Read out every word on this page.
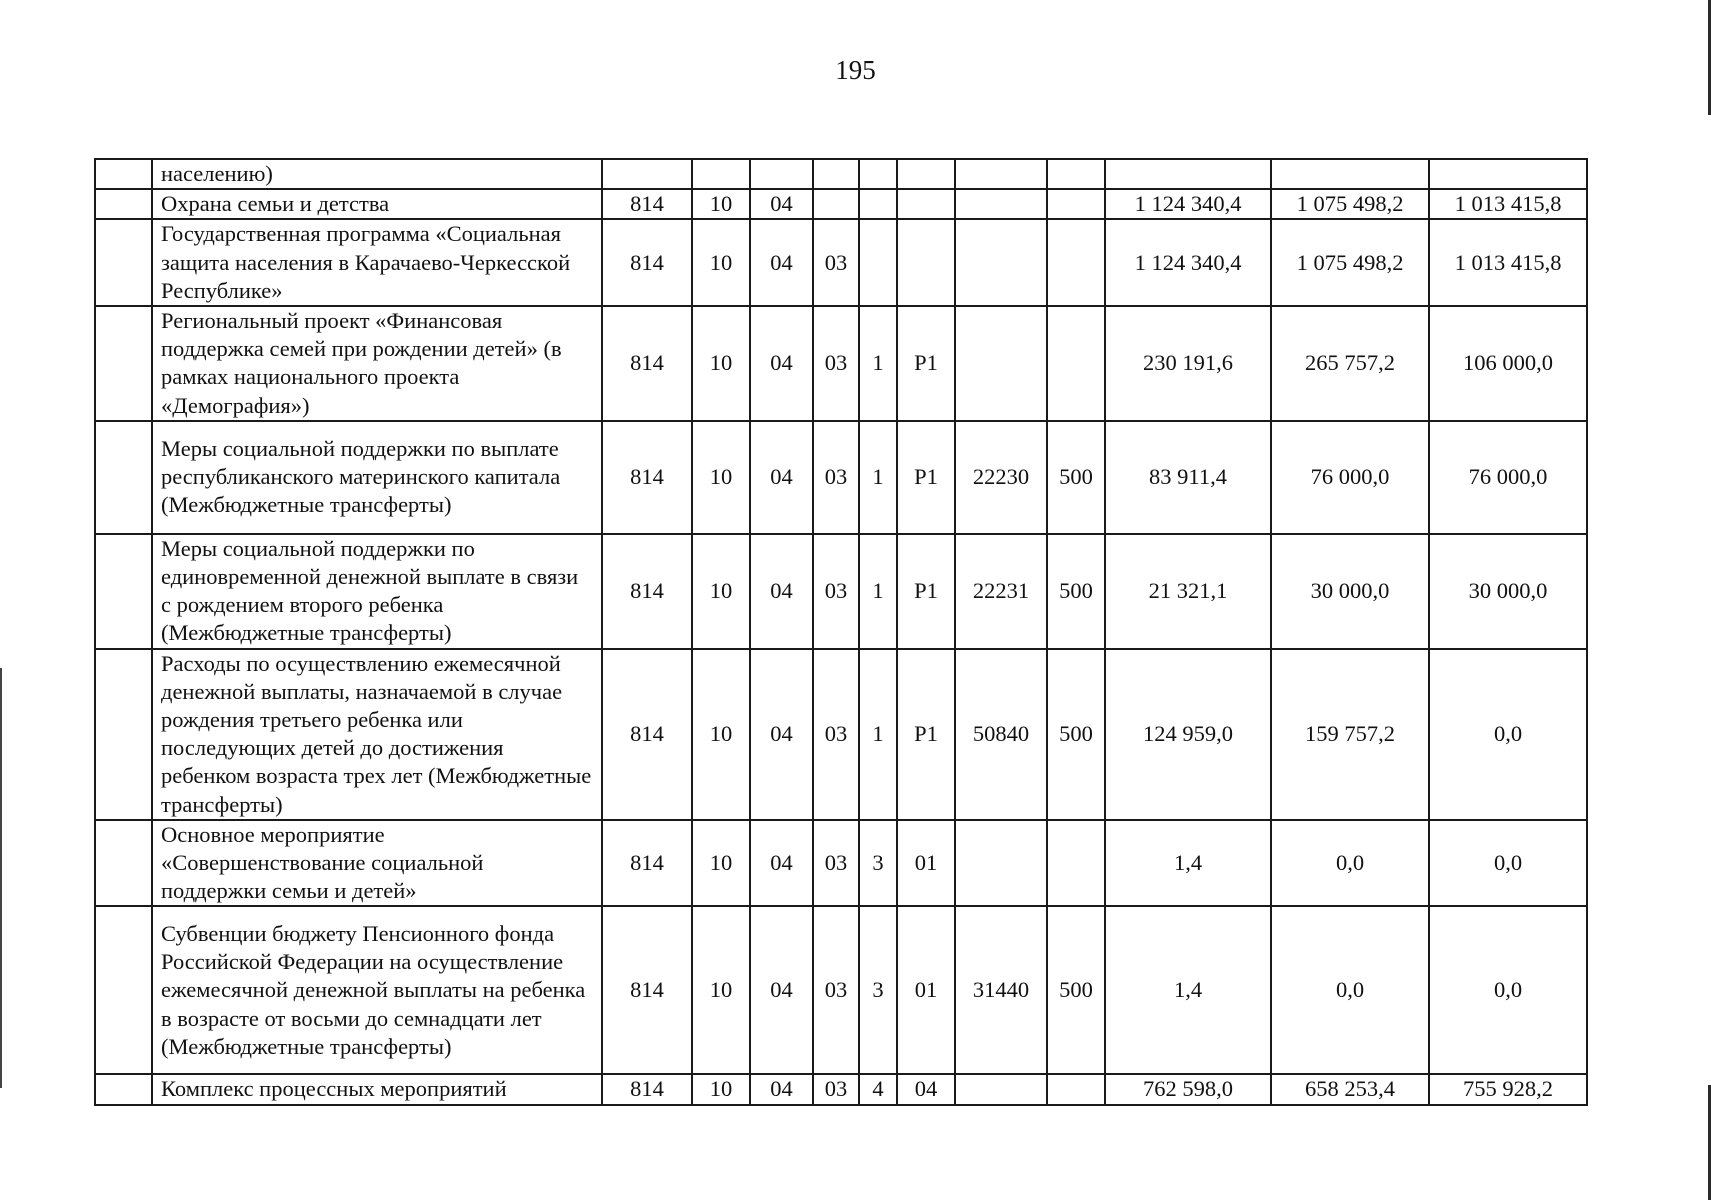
195
	населению)											
	Охрана семьи и детства	814	10	04						1 124 340,4	1 075 498,2	1 013 415,8
	Государственная программа «Социальная защита населения в Карачаево-Черкесской Республике»	814	10	04	03					1 124 340,4	1 075 498,2	1 013 415,8
	Региональный проект «Финансовая поддержка семей при рождении детей» (в рамках национального проекта «Демография»)	814	10	04	03	1	P1			230 191,6	265 757,2	106 000,0
	Меры социальной поддержки по выплате республиканского материнского капитала (Межбюджетные трансферты)	814	10	04	03	1	P1	22230	500	83 911,4	76 000,0	76 000,0
	Меры социальной поддержки по единовременной денежной выплате в связи с рождением второго ребенка (Межбюджетные трансферты)	814	10	04	03	1	P1	22231	500	21 321,1	30 000,0	30 000,0
	Расходы по осуществлению ежемесячной денежной выплаты, назначаемой в случае рождения третьего ребенка или последующих детей до достижения ребенком возраста трех лет (Межбюджетные трансферты)	814	10	04	03	1	P1	50840	500	124 959,0	159 757,2	0,0
	Основное мероприятие «Совершенствование социальной поддержки семьи и детей»	814	10	04	03	3	01			1,4	0,0	0,0
	Субвенции бюджету Пенсионного фонда Российской Федерации на осуществление ежемесячной денежной выплаты на ребенка в возрасте от восьми до семнадцати лет (Межбюджетные трансферты)	814	10	04	03	3	01	31440	500	1,4	0,0	0,0
	Комплекс процессных мероприятий	814	10	04	03	4	04			762 598,0	658 253,4	755 928,2
